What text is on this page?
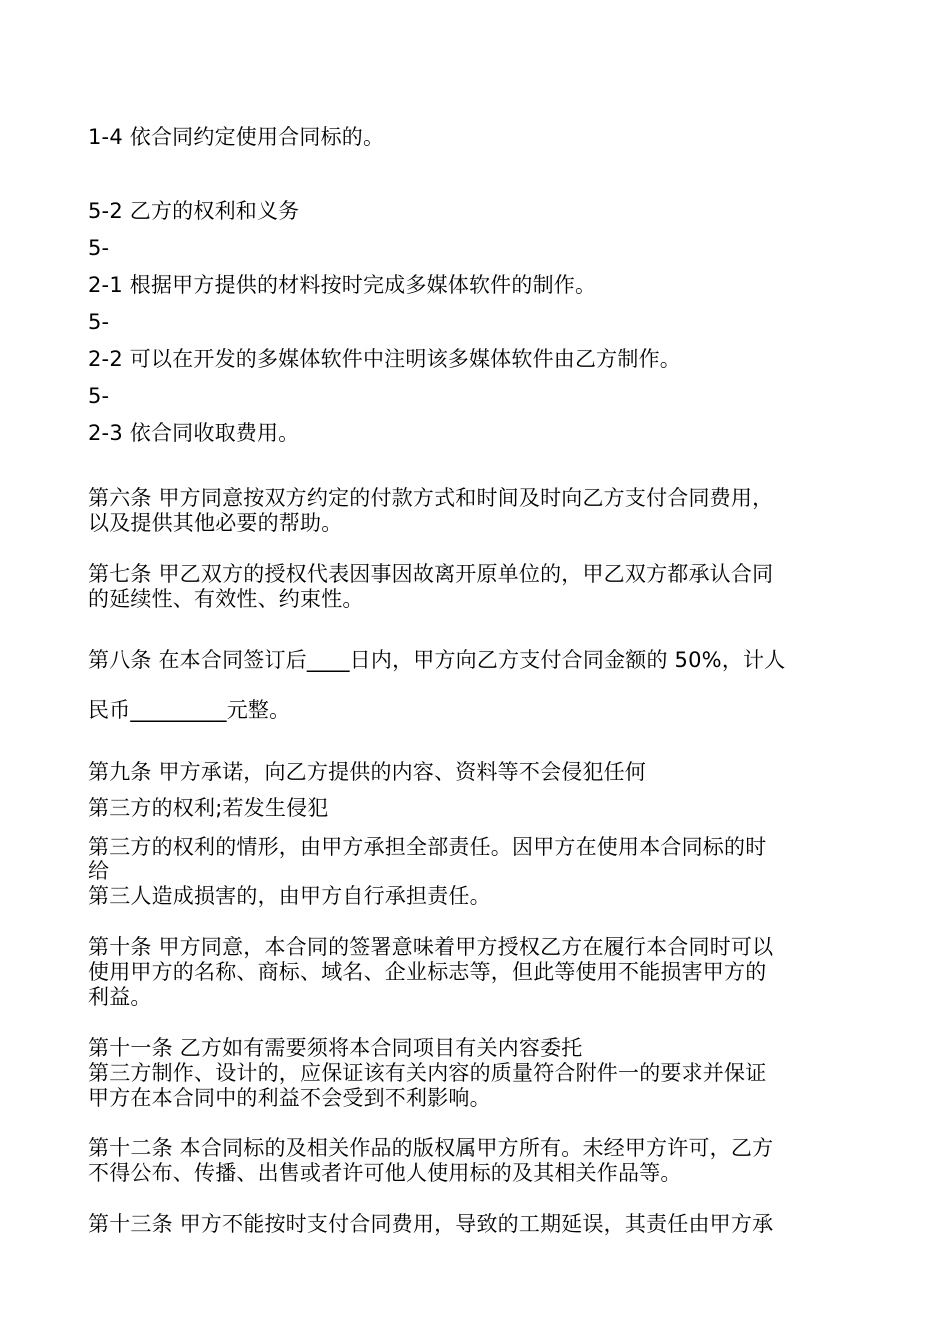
1-4 依合同约定使用合同标的。
5-2 乙方的权利和义务
5-
2-1 根据甲方提供的材料按时完成多媒体软件的制作。
5-
2-2 可以在开发的多媒体软件中注明该多媒体软件由乙方制作。
5-
2-3 依合同收取费用。
第六条 甲方同意按双方约定的付款方式和时间及时向乙方支付合同费用，
以及提供其他必要的帮助。
第七条 甲乙双方的授权代表因事因故离开原单位的，甲乙双方都承认合同
的延续性、有效性、约束性。
第八条 在本合同签订后____日内，甲方向乙方支付合同金额的 50%，计人
民币_________元整。
第九条 甲方承诺，向乙方提供的内容、资料等不会侵犯任何
第三方的权利;若发生侵犯
第三方的权利的情形，由甲方承担全部责任。因甲方在使用本合同标的时
给
第三人造成损害的，由甲方自行承担责任。
第十条 甲方同意，本合同的签署意味着甲方授权乙方在履行本合同时可以
使用甲方的名称、商标、域名、企业标志等，但此等使用不能损害甲方的
利益。
第十一条 乙方如有需要须将本合同项目有关内容委托
第三方制作、设计的，应保证该有关内容的质量符合附件一的要求并保证
甲方在本合同中的利益不会受到不利影响。
第十二条 本合同标的及相关作品的版权属甲方所有。未经甲方许可，乙方
不得公布、传播、出售或者许可他人使用标的及其相关作品等。
第十三条 甲方不能按时支付合同费用，导致的工期延误，其责任由甲方承
